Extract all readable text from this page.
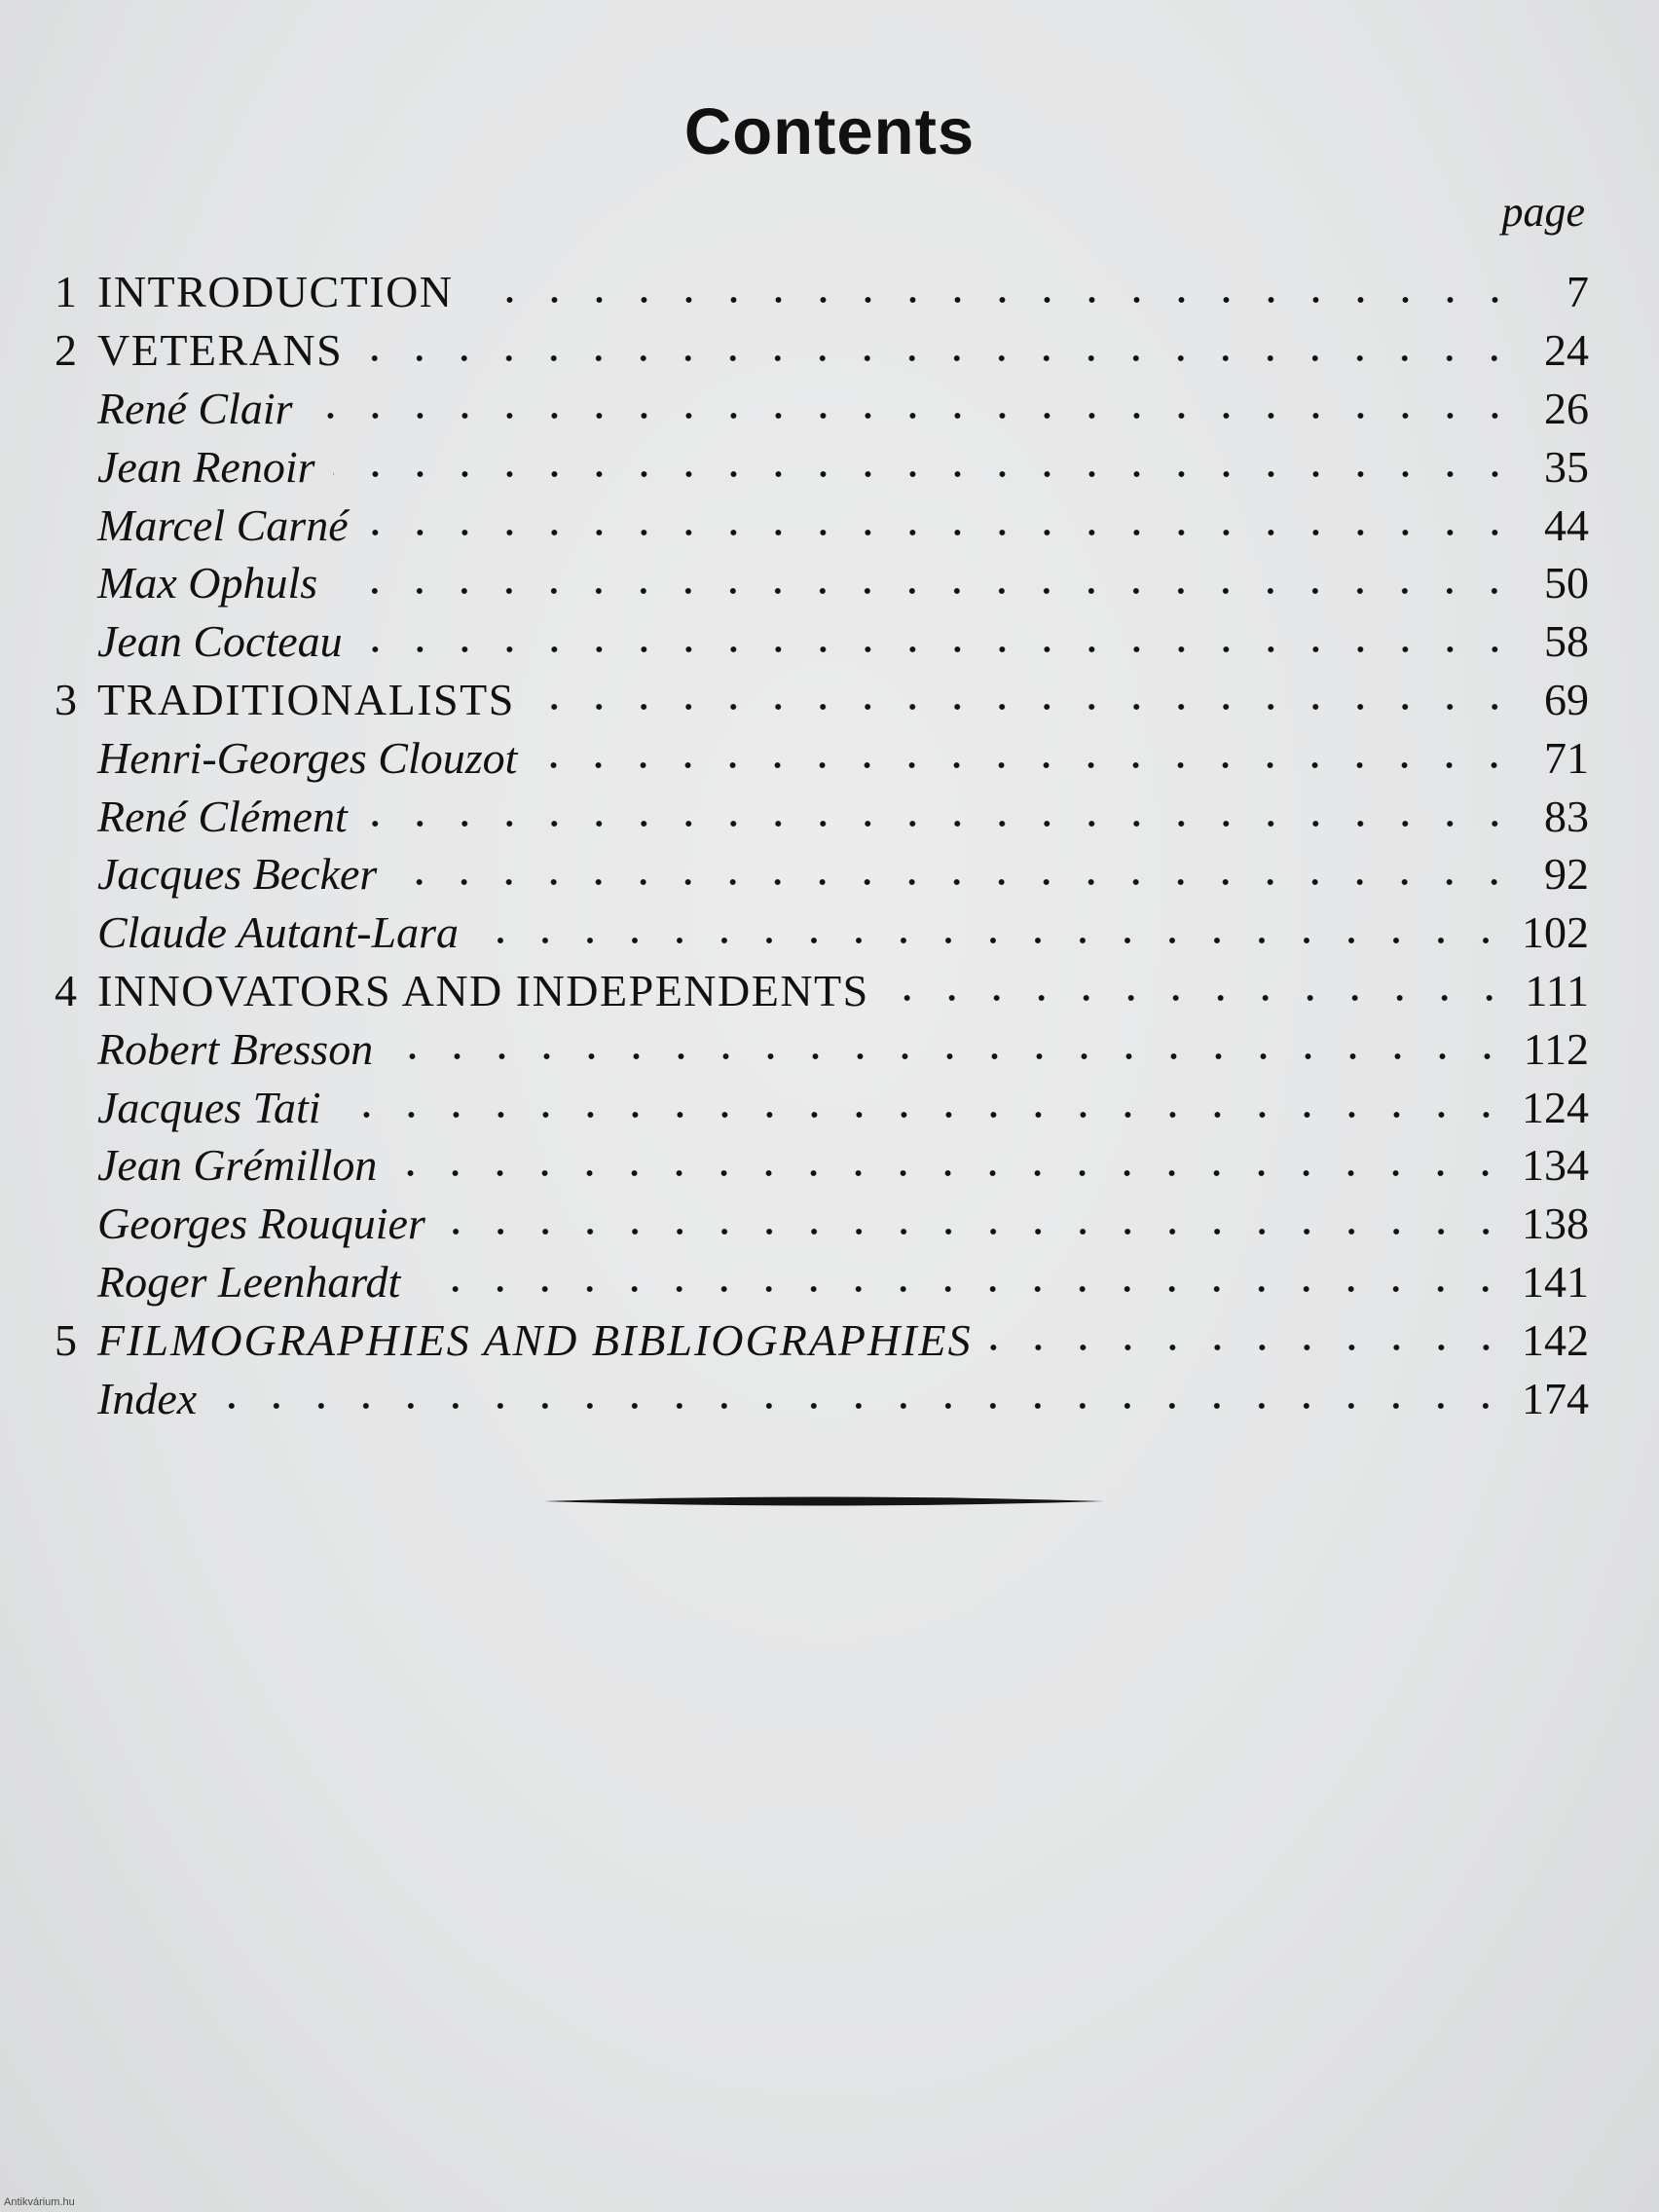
Contents
page
1 INTRODUCTION	7
2 VETERANS	24
René Clair	26
Jean Renoir	35
Marcel Carné	44
Max Ophuls	50
Jean Cocteau	58
3 TRADITIONALISTS	69
Henri-Georges Clouzot	71
René Clément	83
Jacques Becker	92
Claude Autant-Lara	102
4 INNOVATORS AND INDEPENDENTS	111
Robert Bresson	112
Jacques Tati	124
Jean Grémillon	134
Georges Rouquier	138
Roger Leenhardt	141
5 FILMOGRAPHIES AND BIBLIOGRAPHIES	142
Index	174
Antikvárium.hu
